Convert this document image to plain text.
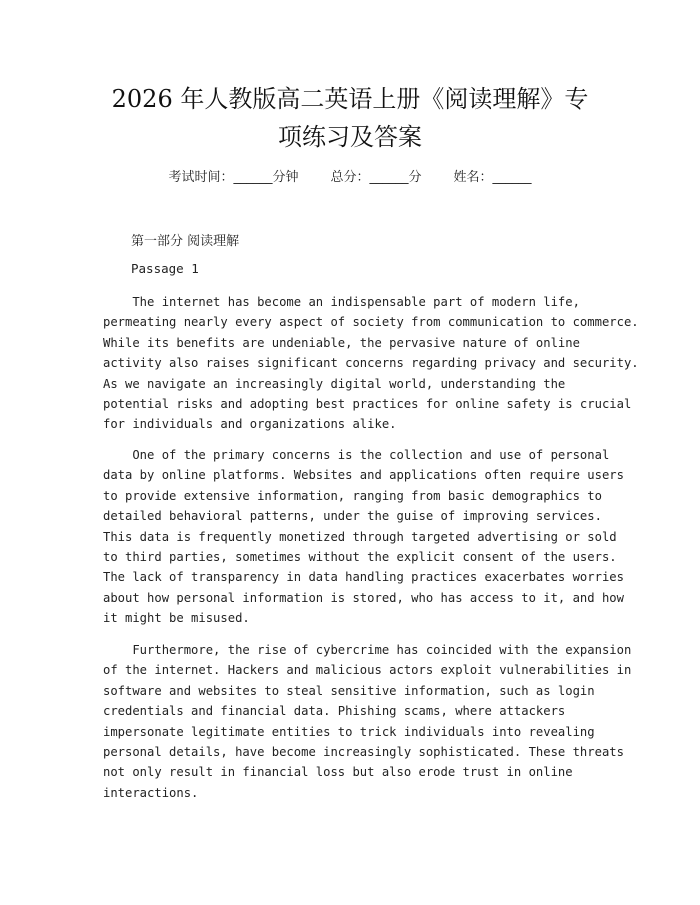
2026 年人教版高二英语上册《阅读理解》专
项练习及答案
考试时间：______分钟 总分：______分 姓名：______
第一部分 阅读理解
Passage 1
The internet has become an indispensable part of modern life,
permeating nearly every aspect of society from communication to commerce.
While its benefits are undeniable, the pervasive nature of online
activity also raises significant concerns regarding privacy and security.
As we navigate an increasingly digital world, understanding the
potential risks and adopting best practices for online safety is crucial
for individuals and organizations alike.
One of the primary concerns is the collection and use of personal
data by online platforms. Websites and applications often require users
to provide extensive information, ranging from basic demographics to
detailed behavioral patterns, under the guise of improving services.
This data is frequently monetized through targeted advertising or sold
to third parties, sometimes without the explicit consent of the users.
The lack of transparency in data handling practices exacerbates worries
about how personal information is stored, who has access to it, and how
it might be misused.
Furthermore, the rise of cybercrime has coincided with the expansion
of the internet. Hackers and malicious actors exploit vulnerabilities in
software and websites to steal sensitive information, such as login
credentials and financial data. Phishing scams, where attackers
impersonate legitimate entities to trick individuals into revealing
personal details, have become increasingly sophisticated. These threats
not only result in financial loss but also erode trust in online
interactions.
